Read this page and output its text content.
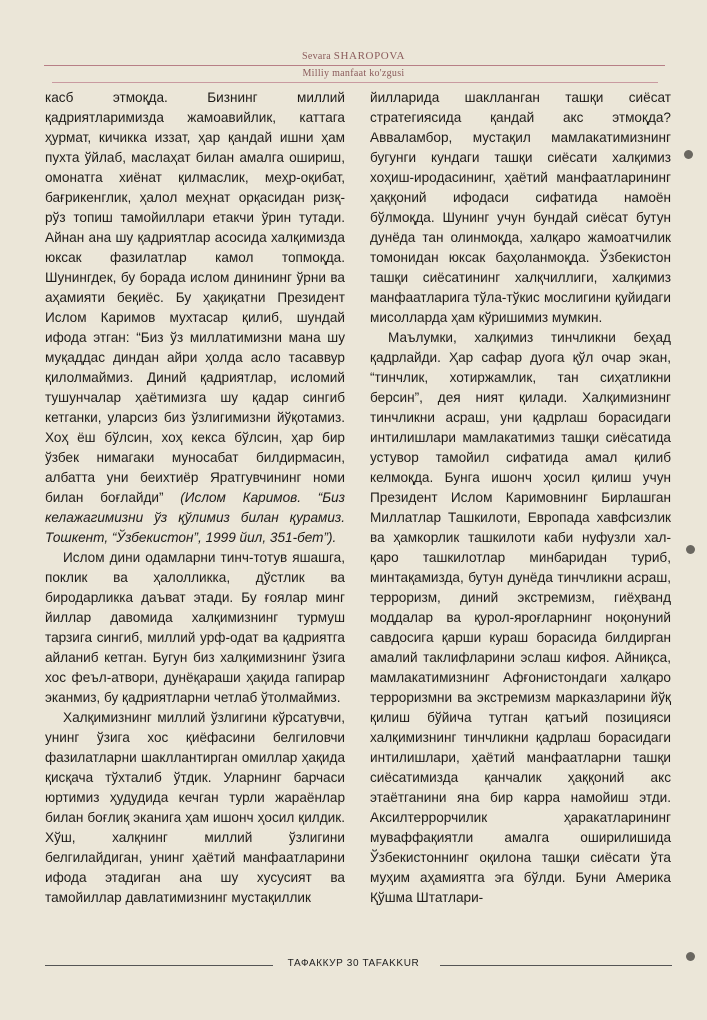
Sevara SHAROPOVA
Milliy manfaat ko'zgusi

касб этмоқда. Бизнинг миллий қадриятларимизда жамоавийлик, каттага ҳурмат, кичикка иззат, ҳар қандай ишни ҳам пухта ўйлаб, маслаҳат билан амалга ошириш, омонатга хиёнат қилмаслик, меҳр-оқибат, бағрикенглик, ҳалол меҳнат орқасидан ризқ-рўз топиш тамойиллари етакчи ўрин тутади. Айнан ана шу қадриятлар асосида халқимизда юксак фазилатлар камол топмоқда. Шунингдек, бу борада ислом динининг ўрни ва аҳамияти беқиёс. Бу ҳақиқатни Президент Ислом Каримов мухтасар қилиб, шундай ифода этган: “Биз ўз миллатимизни мана шу муқаддас диндан айри ҳолда асло тасаввур қилолмаймиз. Диний қадриятлар, исломий тушунчалар ҳаётимизга шу қадар сингиб кетганки, уларсиз биз ўзлигимизни йўқотамиз. Хоҳ ёш бўлсин, хоҳ кекса бўлсин, ҳар бир ўзбек нимагаки муносабат билдирмасин, албатта уни беихтиёр Яратгувчининг номи билан боғлайди” (Ислом Каримов. “Биз келажагимизни ўз қўлимиз билан қурамиз. Тошкент, “Ўзбекистон”, 1999 йил, 351-бет”).

Ислом дини одамларни тинч-тотув яшашга, поклик ва ҳалолликка, дўстлик ва биродарликка даъват этади. Бу ғоялар минг йиллар давомида халқимизнинг турмуш тарзига сингиб, миллий урф-одат ва қадриятга айланиб кетган. Бугун биз халқимизнинг ўзига хос феъл-атвори, дунёқараши ҳақида гапирар эканмиз, бу қадриятларни четлаб ўтолмаймиз.

Халқимизнинг миллий ўзлигини кўрсатувчи, унинг ўзига хос қиёфасини белгиловчи фазилатларни шакллантирган омиллар ҳақида қисқача тўхталиб ўтдик. Уларнинг барчаси юртимиз ҳудудида кечган турли жараёнлар билан боғлиқ эканига ҳам ишонч ҳосил қилдик. Хўш, халқнинг миллий ўзлигини белгилайдиган, унинг ҳаётий манфаатларини ифода этадиган ана шу хусусият ва тамойиллар давлатимизнинг мустақиллик

йилларида шаклланган ташқи сиёсат стратегиясида қандай акс этмоқда? Авваламбор, мустақил мамлакатимизнинг бугунги кундаги ташқи сиёсати халқимиз хоҳиш-иродасининг, ҳаётий манфаатларининг ҳаққоний ифодаси сифатида намоён бўлмоқда. Шунинг учун бундай сиёсат бутун дунёда тан олинмоқда, халқаро жамоатчилик томонидан юксак баҳоланмоқда. Ўзбекистон ташқи сиёсатининг халқчиллиги, халқимиз манфаатларига тўла-тўкис мослигини қуйидаги мисолларда ҳам кўришимиз мумкин.

Маълумки, халқимиз тинчликни беҳад қадрлайди. Ҳар сафар дуога қўл очар экан, “тинчлик, хотиржамлик, тан сиҳатликни берсин”, дея ният қилади. Халқимизнинг тинчликни асраш, уни қадрлаш борасидаги интилишлари мамлакатимиз ташқи сиёсатида устувор тамойил сифатида амал қилиб келмоқда. Бунга ишонч ҳосил қилиш учун Президент Ислом Каримовнинг Бирлашган Миллатлар Ташкилоти, Европада хавфсизлик ва ҳамкорлик ташкилоти каби нуфузли хал-қаро ташкилотлар минбаридан туриб, минтақамизда, бутун дунёда тинчликни асраш, терроризм, диний экстремизм, гиёҳванд моддалар ва қурол-яроғларнинг ноқонуний савдосига қарши кураш борасида билдирган амалий таклифларини эслаш кифоя. Айниқса, мамлакатимизнинг Афғонистондаги халқаро терроризмни ва экстремизм марказларини йўқ қилиш бўйича тутган қатъий позицияси халқимизнинг тинчликни қадрлаш борасидаги интилишлари, ҳаётий манфаатларни ташқи сиёсатимизда қанчалик ҳаққоний акс этаётганини яна бир карра намойиш этди. Аксилтеррорчилик ҳаракатларининг муваффақиятли амалга оширилишида Ўзбекистоннинг оқилона ташқи сиёсати ўта муҳим аҳамиятга эга бўлди. Буни Америка Қўшма Штатлари-

ТАФАККУР 30 TAFAKKUR
